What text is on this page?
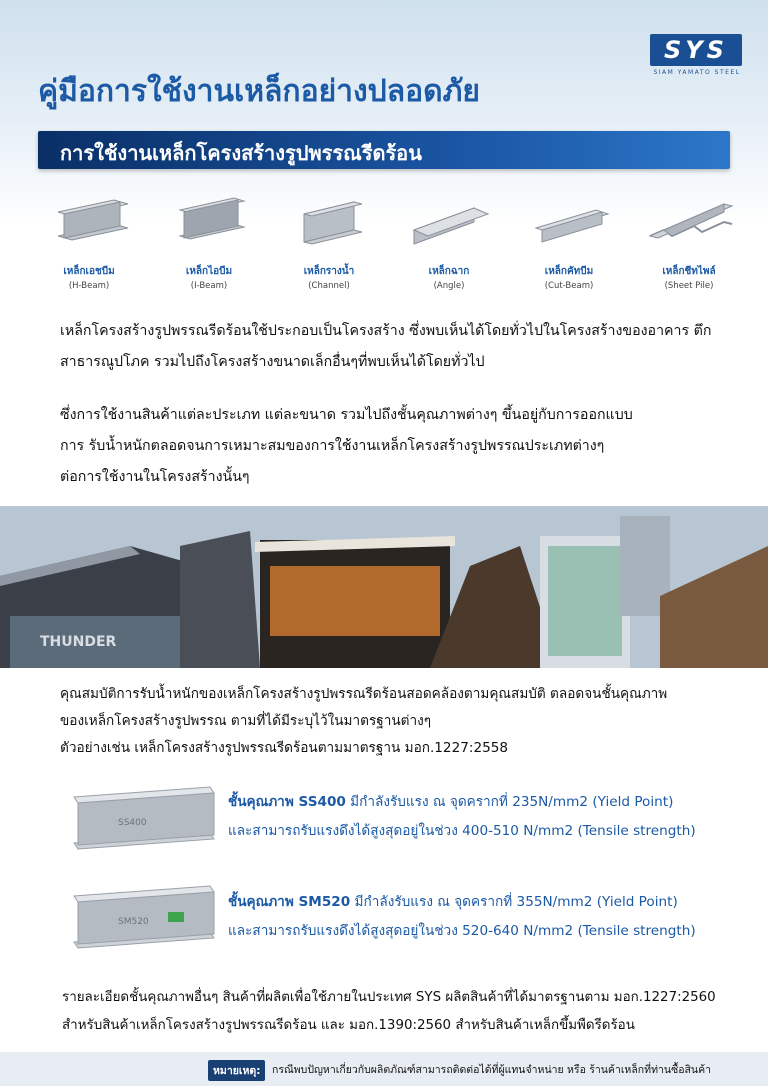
SYS
SIAM YAMATO STEEL
คู่มือการใช้งานเหล็กอย่างปลอดภัย
การใช้งานเหล็กโครงสร้างรูปพรรณรีดร้อน
เหล็กเอชบีม
(H-Beam)
เหล็กไอบีม
(I-Beam)
เหล็กรางน้ำ
(Channel)
เหล็กฉาก
(Angle)
เหล็กคัทบีม
(Cut-Beam)
เหล็กชีทไพล์
(Sheet Pile)
เหล็กโครงสร้างรูปพรรณรีดร้อนใช้ประกอบเป็นโครงสร้าง ซึ่งพบเห็นได้โดยทั่วไปในโครงสร้างของอาคาร ตึก
สาธารณูปโภค รวมไปถึงโครงสร้างขนาดเล็กอื่นๆที่พบเห็นได้โดยทั่วไป
ซึ่งการใช้งานสินค้าแต่ละประเภท แต่ละขนาด รวมไปถึงชั้นคุณภาพต่างๆ ขึ้นอยู่กับการออกแบบ
การ รับน้ำหนักตลอดจนการเหมาะสมของการใช้งานเหล็กโครงสร้างรูปพรรณประเภทต่างๆ
ต่อการใช้งานในโครงสร้างนั้นๆ
THUNDER
คุณสมบัติการรับน้ำหนักของเหล็กโครงสร้างรูปพรรณรีดร้อนสอดคล้องตามคุณสมบัติ ตลอดจนชั้นคุณภาพ
ของเหล็กโครงสร้างรูปพรรณ ตามที่ได้มีระบุไว้ในมาตรฐานต่างๆ
ตัวอย่างเช่น เหล็กโครงสร้างรูปพรรณรีดร้อนตามมาตรฐาน มอก.1227:2558
SS400
ชั้นคุณภาพ SS400 มีกำลังรับแรง ณ จุดครากที่ 235N/mm2 (Yield Point)
และสามารถรับแรงดึงได้สูงสุดอยู่ในช่วง 400-510 N/mm2 (Tensile strength)
SM520
ชั้นคุณภาพ SM520 มีกำลังรับแรง ณ จุดครากที่ 355N/mm2 (Yield Point)
และสามารถรับแรงดึงได้สูงสุดอยู่ในช่วง 520-640 N/mm2 (Tensile strength)
รายละเอียดชั้นคุณภาพอื่นๆ สินค้าที่ผลิตเพื่อใช้ภายในประเทศ SYS ผลิตสินค้าที่ได้มาตรฐานตาม มอก.1227:2560
สำหรับสินค้าเหล็กโครงสร้างรูปพรรณรีดร้อน และ มอก.1390:2560 สำหรับสินค้าเหล็กขึ้มพืดรีดร้อน
หมายเหตุ:	กรณีพบปัญหาเกี่ยวกับผลิตภัณฑ์สามารถติดต่อได้ที่ผู้แทนจำหน่าย หรือ ร้านค้าเหล็กที่ท่านซื้อสินค้า
